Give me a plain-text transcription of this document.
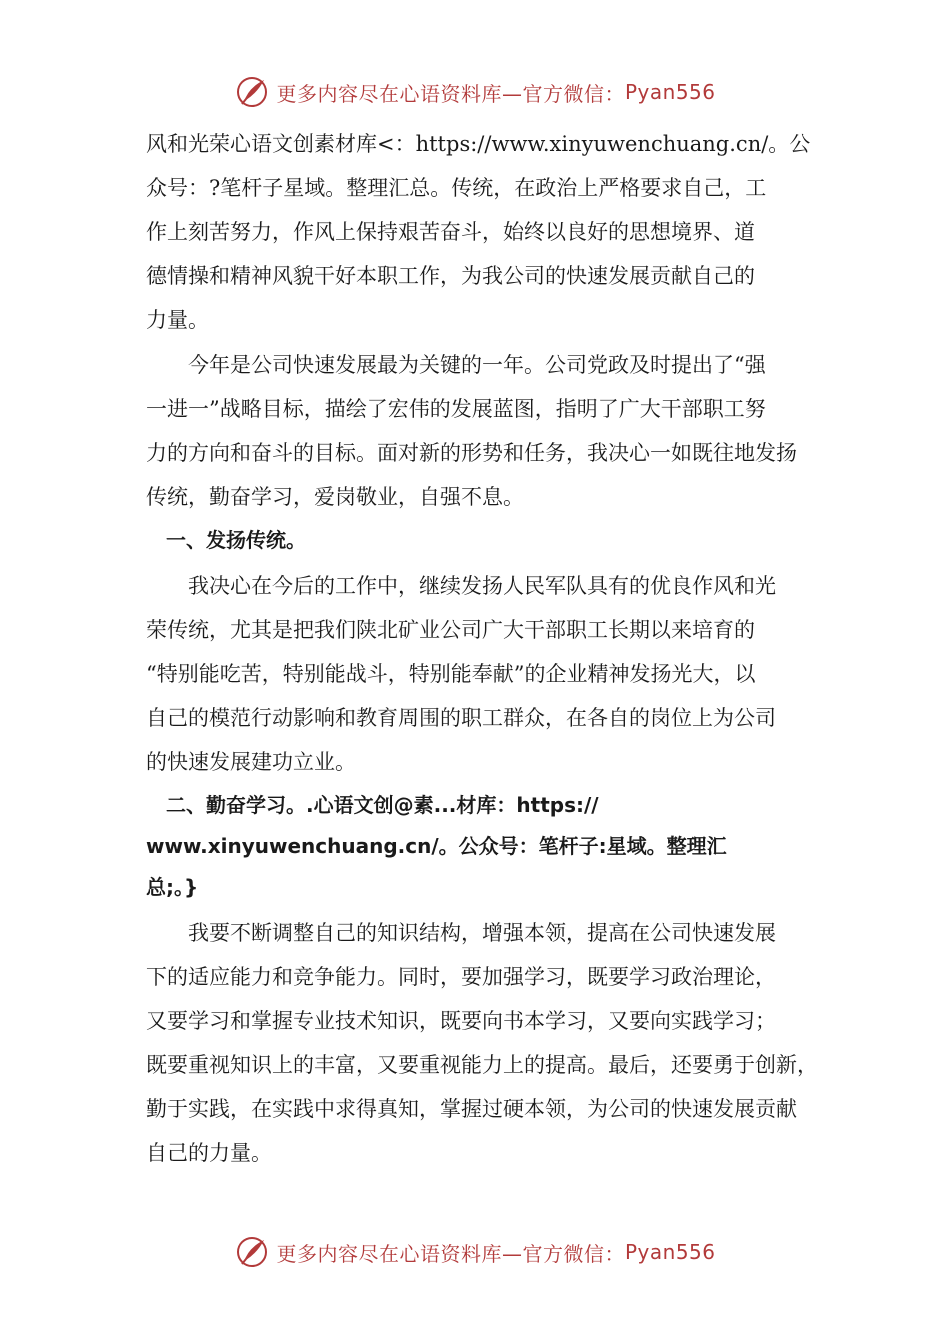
更多内容尽在心语资料库—官方微信： Pyan556
风和光荣心语文创素材库<：https://www.xinyuwenchuang.cn/。公
众号：?笔杆子星域。整理汇总。传统，在政治上严格要求自己，工
作上刻苦努力，作风上保持艰苦奋斗，始终以良好的思想境界、道
德情操和精神风貌干好本职工作，为我公司的快速发展贡献自己的
力量。
　　今年是公司快速发展最为关键的一年。公司党政及时提出了“强
一进一”战略目标，描绘了宏伟的发展蓝图，指明了广大干部职工努
力的方向和奋斗的目标。面对新的形势和任务，我决心一如既往地发扬
传统，勤奋学习，爱岗敬业，自强不息。
　一、发扬传统。
　　我决心在今后的工作中，继续发扬人民军队具有的优良作风和光
荣传统，尤其是把我们陕北矿业公司广大干部职工长期以来培育的
“特别能吃苦，特别能战斗，特别能奉献”的企业精神发扬光大，以
自己的模范行动影响和教育周围的职工群众，在各自的岗位上为公司
的快速发展建功立业。
　二、勤奋学习。.心语文创@素...材库：https://
www.xinyuwenchuang.cn/。公众号：笔杆子:星域。整理汇
总;。}
　　我要不断调整自己的知识结构，增强本领，提高在公司快速发展
下的适应能力和竞争能力。同时，要加强学习，既要学习政治理论，
又要学习和掌握专业技术知识，既要向书本学习，又要向实践学习；
既要重视知识上的丰富，又要重视能力上的提高。最后，还要勇于创新，
勤于实践，在实践中求得真知，掌握过硬本领，为公司的快速发展贡献
自己的力量。
更多内容尽在心语资料库—官方微信： Pyan556
